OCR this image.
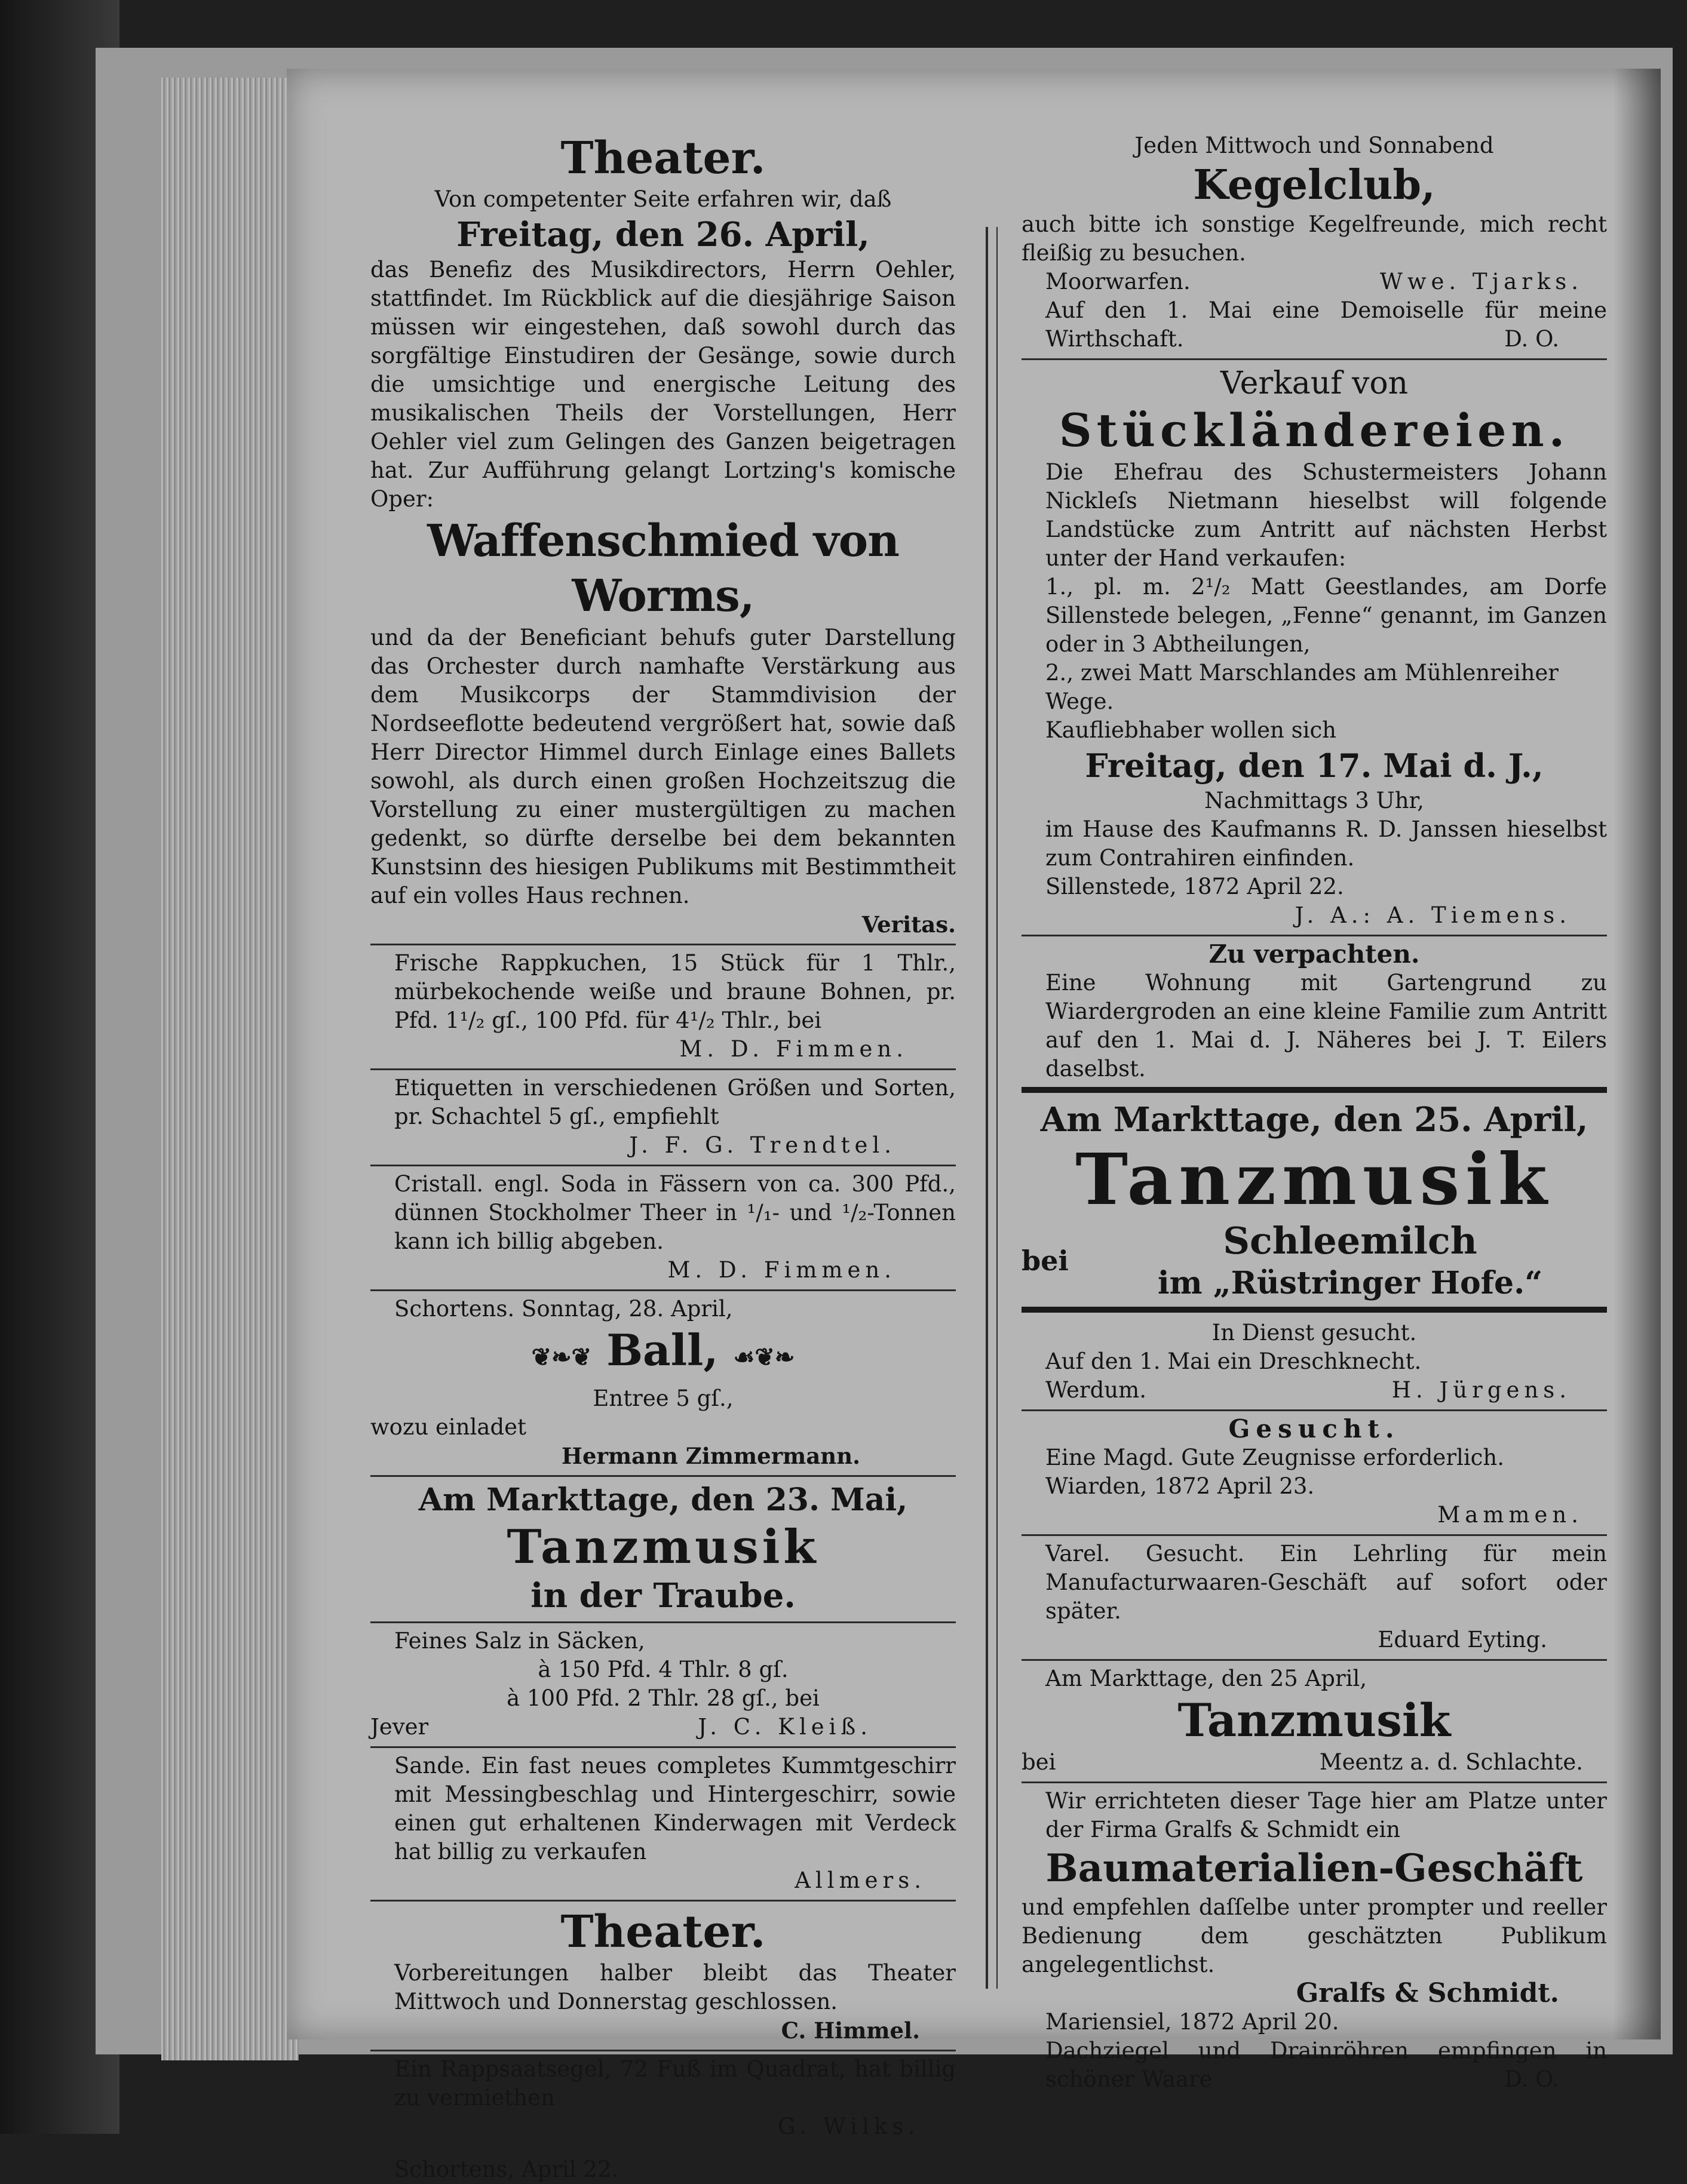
Theater.
Von competenter Seite erfahren wir, daß
Freitag, den 26. April,
das Benefiz des Musikdirectors, Herrn Oehler, stattfindet. Im Rückblick auf die diesjährige Saison müssen wir eingestehen, daß sowohl durch das sorgfältige Einstudiren der Gesänge, sowie durch die umsichtige und energische Leitung des musikalischen Theils der Vorstellungen, Herr Oehler viel zum Gelingen des Ganzen beigetragen hat. Zur Aufführung gelangt Lortzing's komische Oper:
Waffenschmied von Worms,
und da der Beneficiant behufs guter Darstellung das Orchester durch namhafte Verstärkung aus dem Musikcorps der Stammdivision der Nordseeflotte bedeutend vergrößert hat, sowie daß Herr Director Himmel durch Einlage eines Ballets sowohl, als durch einen großen Hochzeitszug die Vorstellung zu einer mustergültigen zu machen gedenkt, so dürfte derselbe bei dem bekannten Kunstsinn des hiesigen Publikums mit Bestimmtheit auf ein volles Haus rechnen.
Veritas.
Frische Rappkuchen, 15 Stück für 1 Thlr., mürbekochende weiße und braune Bohnen, pr. Pfd. 1¹/₂ gſ., 100 Pfd. für 4¹/₂ Thlr., bei
M. D. Fimmen.
Etiquetten in verschiedenen Größen und Sorten, pr. Schachtel 5 gſ., empfiehlt
J. F. G. Trendtel.
Cristall. engl. Soda in Fässern von ca. 300 Pfd., dünnen Stockholmer Theer in ¹/₁- und ¹/₂-Tonnen kann ich billig abgeben.
M. D. Fimmen.
Schortens. Sonntag, 28. April,
❦❧❦ Ball, ☙❦❧
Entree 5 gſ.,
wozu einladet
Hermann Zimmermann.
Am Markttage, den 23. Mai,
Tanzmusik
in der Traube.
Feines Salz in Säcken,
à 150 Pfd. 4 Thlr. 8 gſ.
à 100 Pfd. 2 Thlr. 28 gſ., bei
Jever	J. C. Kleiß.
Sande. Ein fast neues completes Kummtgeschirr mit Messingbeschlag und Hintergeschirr, sowie einen gut erhaltenen Kinderwagen mit Verdeck hat billig zu verkaufen
Allmers.
Theater.
Vorbereitungen halber bleibt das Theater Mittwoch und Donnerstag geschlossen.
C. Himmel.
Ein Rappsaatsegel, 72 Fuß im Quadrat, hat billig zu vermiethen
G. Wilks.
Schortens, April 22.
Jeden Mittwoch und Sonnabend
Kegelclub,
auch bitte ich sonstige Kegelfreunde, mich recht fleißig zu besuchen.
Moorwarfen.	Wwe. Tjarks.
Auf den 1. Mai eine Demoiselle für meine Wirthschaft.	D. O.
Verkauf von
Stückländereien.
Die Ehefrau des Schustermeisters Johann Nickleſs Nietmann hieselbst will folgende Landstücke zum Antritt auf nächsten Herbst unter der Hand verkaufen:
1., pl. m. 2¹/₂ Matt Geestlandes, am Dorfe Sillenstede belegen, „Fenne“ genannt, im Ganzen oder in 3 Abtheilungen,
2., zwei Matt Marschlandes am Mühlenreiher Wege.
Kaufliebhaber wollen sich
Freitag, den 17. Mai d. J.,
Nachmittags 3 Uhr,
im Hause des Kaufmanns R. D. Janssen hieselbst zum Contrahiren einfinden.
Sillenstede, 1872 April 22.
J. A.: A. Tiemens.
Zu verpachten.
Eine Wohnung mit Gartengrund zu Wiardergroden an eine kleine Familie zum Antritt auf den 1. Mai d. J. Näheres bei J. T. Eilers daselbst.
Am Markttage, den 25. April,
Tanzmusik
bei	Schleemilch
im „Rüstringer Hofe.“
In Dienst gesucht.
Auf den 1. Mai ein Dreschknecht.
Werdum.	H. Jürgens.
Gesucht.
Eine Magd. Gute Zeugnisse erforderlich.
Wiarden, 1872 April 23.
Mammen.
Varel. Gesucht. Ein Lehrling für mein Manufacturwaaren-Geschäft auf sofort oder später.
Eduard Eyting.
Am Markttage, den 25 April,
Tanzmusik
bei	Meentz a. d. Schlachte.
Wir errichteten dieser Tage hier am Platze unter der Firma Gralfs & Schmidt ein
Baumaterialien-Geschäft
und empfehlen daſſelbe unter prompter und reeller Bedienung dem geschätzten Publikum angelegentlichst.
Gralfs & Schmidt.
Mariensiel, 1872 April 20.
Dachziegel und Drainröhren empfingen in schöner Waare	D. O.
